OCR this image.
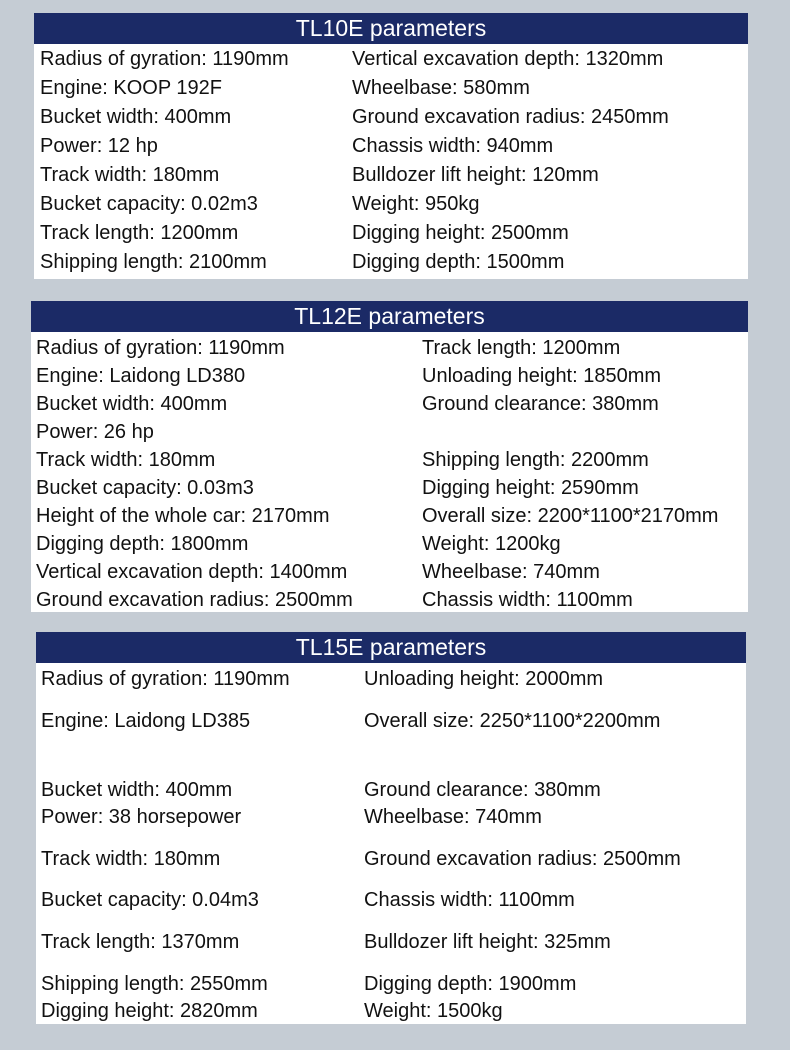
TL10E parameters
Radius of gyration: 1190mm	Vertical excavation depth: 1320mm
Engine: KOOP 192F	Wheelbase: 580mm
Bucket width: 400mm	Ground excavation radius: 2450mm
Power: 12 hp	Chassis width: 940mm
Track width: 180mm	Bulldozer lift height: 120mm
Bucket capacity: 0.02m3	Weight: 950kg
Track length: 1200mm	Digging height: 2500mm
Shipping length: 2100mm	Digging depth: 1500mm
TL12E parameters
Radius of gyration: 1190mm	Track length: 1200mm
Engine: Laidong LD380	Unloading height: 1850mm
Bucket width: 400mm	Ground clearance: 380mm
Power: 26 hp
Track width: 180mm	Shipping length: 2200mm
Bucket capacity: 0.03m3	Digging height: 2590mm
Height of the whole car: 2170mm	Overall size: 2200*1100*2170mm
Digging depth: 1800mm	Weight: 1200kg
Vertical excavation depth: 1400mm	Wheelbase: 740mm
Ground excavation radius: 2500mm	Chassis width: 1100mm
TL15E parameters
Radius of gyration: 1190mm	Unloading height: 2000mm
Engine: Laidong LD385	Overall size: 2250*1100*2200mm
Bucket width: 400mm	Ground clearance: 380mm
Power: 38 horsepower	Wheelbase: 740mm
Track width: 180mm	Ground excavation radius: 2500mm
Bucket capacity: 0.04m3	Chassis width: 1100mm
Track length: 1370mm	Bulldozer lift height: 325mm
Shipping length: 2550mm	Digging depth: 1900mm
Digging height: 2820mm	Weight: 1500kg
